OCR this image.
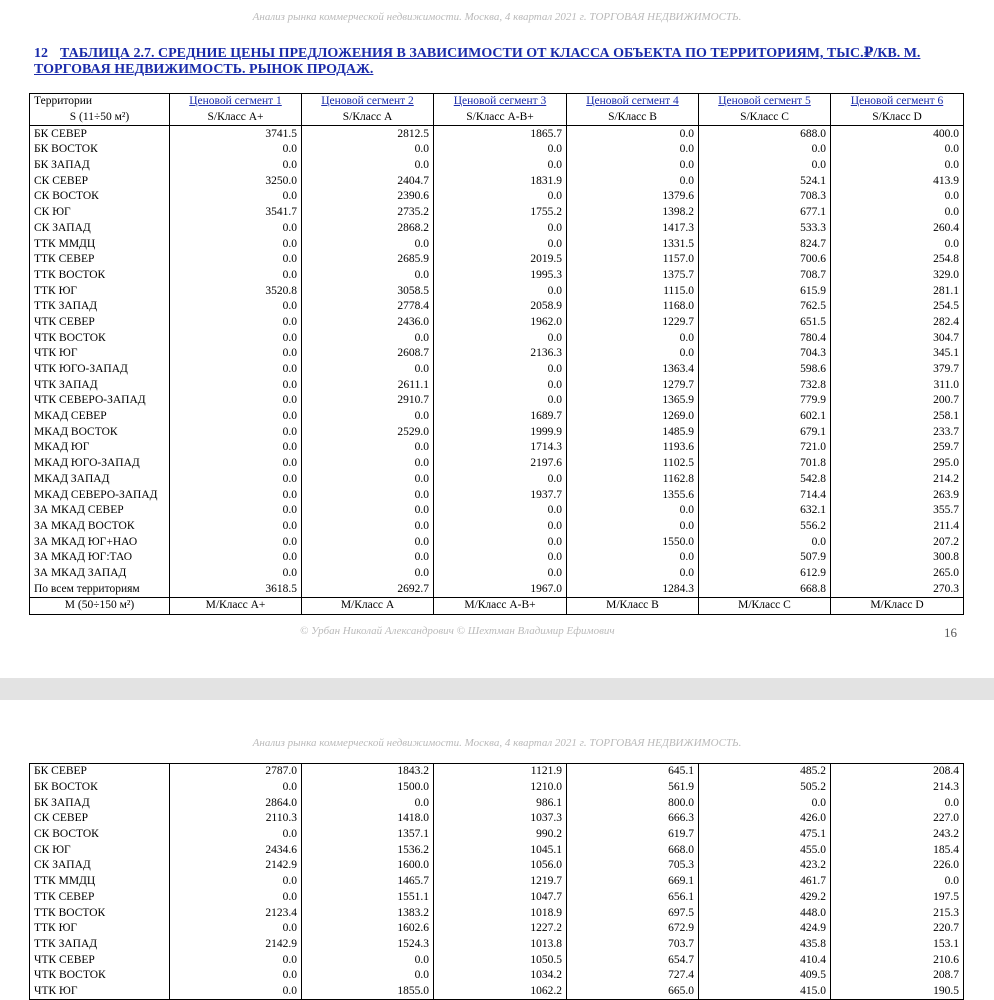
Анализ рынка коммерческой недвижимости. Москва, 4 квартал 2021 г. ТОРГОВАЯ НЕДВИЖИМОСТЬ.
12 ТАБЛИЦА 2.7. СРЕДНИЕ ЦЕНЫ ПРЕДЛОЖЕНИЯ В ЗАВИСИМОСТИ ОТ КЛАССА ОБЪЕКТА ПО ТЕРРИТОРИЯМ, ТЫС.₽/КВ. М. ТОРГОВАЯ НЕДВИЖИМОСТЬ. РЫНОК ПРОДАЖ.
Территории	Ценовой сегмент 1	Ценовой сегмент 2	Ценовой сегмент 3	Ценовой сегмент 4	Ценовой сегмент 5	Ценовой сегмент 6
S (11÷50 м²)	S/Класс А+	S/Класс А	S/Класс А-В+	S/Класс В	S/Класс С	S/Класс D
БК СЕВЕР	3741.5	2812.5	1865.7	0.0	688.0	400.0
БК ВОСТОК	0.0	0.0	0.0	0.0	0.0	0.0
БК ЗАПАД	0.0	0.0	0.0	0.0	0.0	0.0
СК СЕВЕР	3250.0	2404.7	1831.9	0.0	524.1	413.9
СК ВОСТОК	0.0	2390.6	0.0	1379.6	708.3	0.0
СК ЮГ	3541.7	2735.2	1755.2	1398.2	677.1	0.0
СК ЗАПАД	0.0	2868.2	0.0	1417.3	533.3	260.4
ТТК ММДЦ	0.0	0.0	0.0	1331.5	824.7	0.0
ТТК СЕВЕР	0.0	2685.9	2019.5	1157.0	700.6	254.8
ТТК ВОСТОК	0.0	0.0	1995.3	1375.7	708.7	329.0
ТТК ЮГ	3520.8	3058.5	0.0	1115.0	615.9	281.1
ТТК ЗАПАД	0.0	2778.4	2058.9	1168.0	762.5	254.5
ЧТК СЕВЕР	0.0	2436.0	1962.0	1229.7	651.5	282.4
ЧТК ВОСТОК	0.0	0.0	0.0	0.0	780.4	304.7
ЧТК ЮГ	0.0	2608.7	2136.3	0.0	704.3	345.1
ЧТК ЮГО-ЗАПАД	0.0	0.0	0.0	1363.4	598.6	379.7
ЧТК ЗАПАД	0.0	2611.1	0.0	1279.7	732.8	311.0
ЧТК СЕВЕРО-ЗАПАД	0.0	2910.7	0.0	1365.9	779.9	200.7
МКАД СЕВЕР	0.0	0.0	1689.7	1269.0	602.1	258.1
МКАД ВОСТОК	0.0	2529.0	1999.9	1485.9	679.1	233.7
МКАД ЮГ	0.0	0.0	1714.3	1193.6	721.0	259.7
МКАД ЮГО-ЗАПАД	0.0	0.0	2197.6	1102.5	701.8	295.0
МКАД ЗАПАД	0.0	0.0	0.0	1162.8	542.8	214.2
МКАД СЕВЕРО-ЗАПАД	0.0	0.0	1937.7	1355.6	714.4	263.9
ЗА МКАД СЕВЕР	0.0	0.0	0.0	0.0	632.1	355.7
ЗА МКАД ВОСТОК	0.0	0.0	0.0	0.0	556.2	211.4
ЗА МКАД ЮГ+НАО	0.0	0.0	0.0	1550.0	0.0	207.2
ЗА МКАД ЮГ:ТАО	0.0	0.0	0.0	0.0	507.9	300.8
ЗА МКАД ЗАПАД	0.0	0.0	0.0	0.0	612.9	265.0
По всем территориям	3618.5	2692.7	1967.0	1284.3	668.8	270.3
М (50÷150 м²)	М/Класс А+	М/Класс А	М/Класс А-В+	М/Класс В	М/Класс С	М/Класс D
© Урбан Николай Александрович © Шехтман Владимир Ефимович	16
Анализ рынка коммерческой недвижимости. Москва, 4 квартал 2021 г. ТОРГОВАЯ НЕДВИЖИМОСТЬ.
БК СЕВЕР	2787.0	1843.2	1121.9	645.1	485.2	208.4
БК ВОСТОК	0.0	1500.0	1210.0	561.9	505.2	214.3
БК ЗАПАД	2864.0	0.0	986.1	800.0	0.0	0.0
СК СЕВЕР	2110.3	1418.0	1037.3	666.3	426.0	227.0
СК ВОСТОК	0.0	1357.1	990.2	619.7	475.1	243.2
СК ЮГ	2434.6	1536.2	1045.1	668.0	455.0	185.4
СК ЗАПАД	2142.9	1600.0	1056.0	705.3	423.2	226.0
ТТК ММДЦ	0.0	1465.7	1219.7	669.1	461.7	0.0
ТТК СЕВЕР	0.0	1551.1	1047.7	656.1	429.2	197.5
ТТК ВОСТОК	2123.4	1383.2	1018.9	697.5	448.0	215.3
ТТК ЮГ	0.0	1602.6	1227.2	672.9	424.9	220.7
ТТК ЗАПАД	2142.9	1524.3	1013.8	703.7	435.8	153.1
ЧТК СЕВЕР	0.0	0.0	1050.5	654.7	410.4	210.6
ЧТК ВОСТОК	0.0	0.0	1034.2	727.4	409.5	208.7
ЧТК ЮГ	0.0	1855.0	1062.2	665.0	415.0	190.5
